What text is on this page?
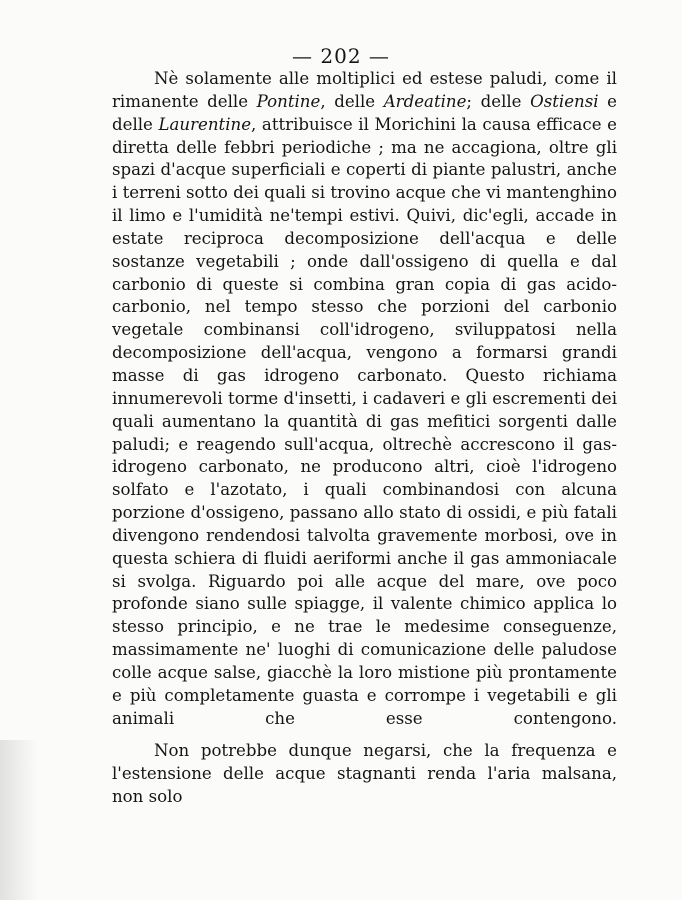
— 202 —

Nè solamente alle moltiplici ed estese paludi, come il rimanente delle Pontine, delle Ardeatine; delle Ostiensi e delle Laurentine, attribuisce il Morichini la causa efficace e diretta delle febbri periodiche ; ma ne accagiona, oltre gli spazi d'acque superficiali e coperti di piante palustri, anche i terreni sotto dei quali si trovino acque che vi mantenghino il limo e l'umidità ne'tempi estivi. Quivi, dic'egli, accade in estate reciproca decomposizione dell'acqua e delle sostanze vegetabili ; onde dall'ossigeno di quella e dal carbonio di queste si combina gran copia di gas acido-carbonio, nel tempo stesso che porzioni del carbonio vegetale combinansi coll'idrogeno, sviluppatosi nella decomposizione dell'acqua, vengono a formarsi grandi masse di gas idrogeno carbonato. Questo richiama innumerevoli torme d'insetti, i cadaveri e gli escrementi dei quali aumentano la quantità di gas mefitici sorgenti dalle paludi; e reagendo sull'acqua, oltrechè accrescono il gas-idrogeno carbonato, ne producono altri, cioè l'idrogeno solfato e l'azotato, i quali combinandosi con alcuna porzione d'ossigeno, passano allo stato di ossidi, e più fatali divengono rendendosi talvolta gravemente morbosi, ove in questa schiera di fluidi aeriformi anche il gas ammoniacale si svolga. Riguardo poi alle acque del mare, ove poco profonde siano sulle spiagge, il valente chimico applica lo stesso principio, e ne trae le medesime conseguenze, massimamente ne' luoghi di comunicazione delle paludose colle acque salse, giacchè la loro mistione più prontamente e più completamente guasta e corrompe i vegetabili e gli animali che esse contengono.

Non potrebbe dunque negarsi, che la frequenza e l'estensione delle acque stagnanti renda l'aria malsana, non solo
